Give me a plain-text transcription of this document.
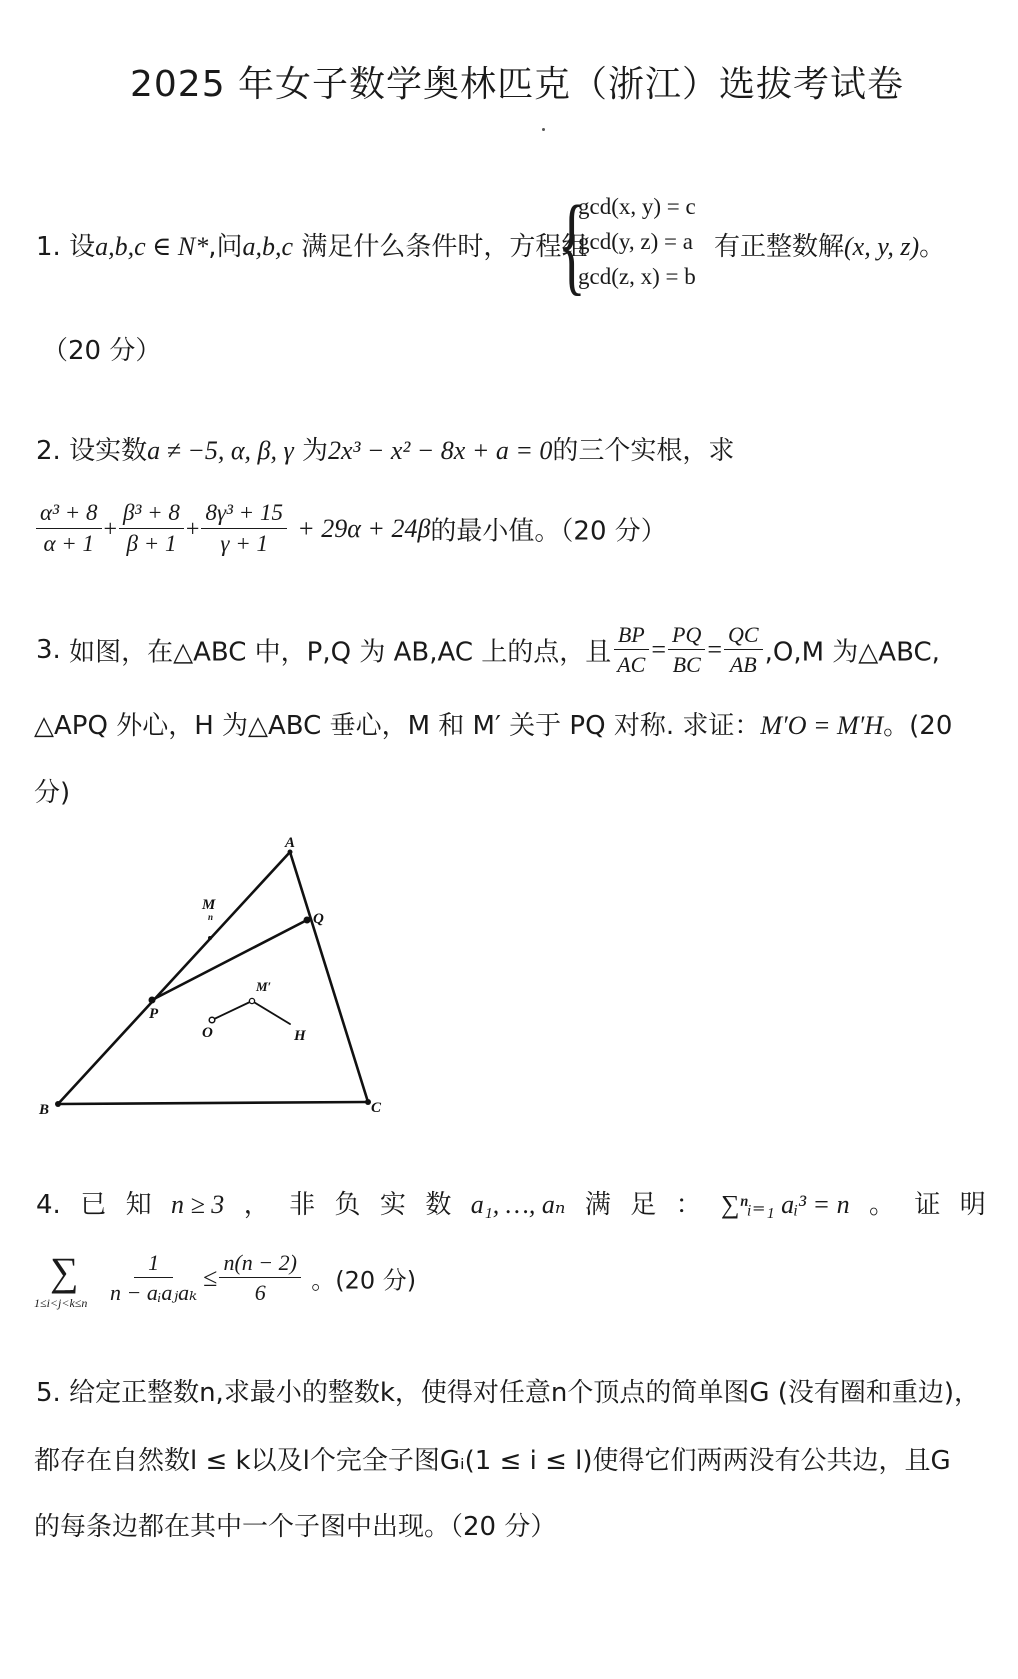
2025 年女子数学奥林匹克（浙江）选拔考试卷
1. 设a,b,c ∈ N*,问a,b,c 满足什么条件时，方程组
{
gcd(x, y) = c
gcd(y, z) = a
gcd(z, x) = b
有正整数解(x, y, z)。
（20 分）
2. 设实数a ≠ −5, α, β, γ 为2x³ − x² − 8x + a = 0的三个实根，求
$\frac{\text{α³ + 8}}{\alpha + 1} + \frac{\text{β³ + 8}}{\beta + 1} + \frac{\text{8γ³ + 15}}{\gamma + 1} + 29\alpha + 24\beta$的最小值。（20 分）
3. 如图，在△ABC 中，P,Q 为 AB,AC 上的点，且 $\frac{BP}{AC} = \frac{PQ}{BC} = \frac{QC}{AB} ,O,M$ 为△ABC,
△APQ 外心，H 为△ABC 垂心，M 和 M′ 关于 PQ 对称. 求证：M′O = M′H。(20
分)
A
B	C
P
Q
M
O	H
M′
n
4. 已 知 n ≥ 3 ， 非 负 实 数 a₁, …, aₙ 满 足 ： ∑ⁿᵢ₌₁ aᵢ³ = n 。 证 明
∑
$1\le i<j<k\le n \frac{1}{\text{n − aᵢaⱼaₖ}} \le \frac{n(n - 2)}{6}$ 。(20 分)
5. 给定正整数n,求最小的整数k，使得对任意n个顶点的简单图G (没有圈和重边)，
都存在自然数l ≤ k以及l个完全子图Gᵢ(1 ≤ i ≤ l)使得它们两两没有公共边，且G
的每条边都在其中一个子图中出现。（20 分）
